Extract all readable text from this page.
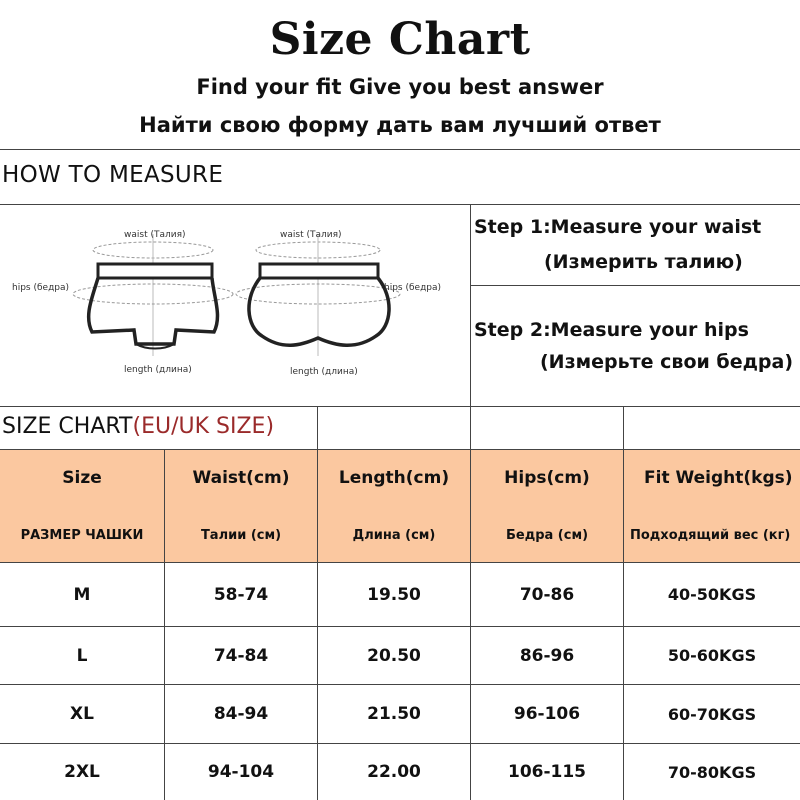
Size Chart
Find your fit Give you best answer
Найти свою форму дать вам лучший ответ
HOW TO MEASURE
waist (Талия)	waist (Талия)
hips (бедра)	hips (бедра)
length (длина)	length (длина)
Step 1:Measure your waist
(Измерить талию)
Step 2:Measure your hips
(Измерьте свои бедра)
SIZE CHART(EU/UK SIZE)
Size	Waist(cm)	Length(cm)	Hips(cm)	Fit Weight(kgs)
РАЗМЕР ЧАШКИ	Талии (см)	Длина (см)	Бедра (см)	Подходящий вес (кг)
M	58-74	19.50	70-86	40-50KGS
L	74-84	20.50	86-96	50-60KGS
XL	84-94	21.50	96-106	60-70KGS
2XL	94-104	22.00	106-115	70-80KGS
